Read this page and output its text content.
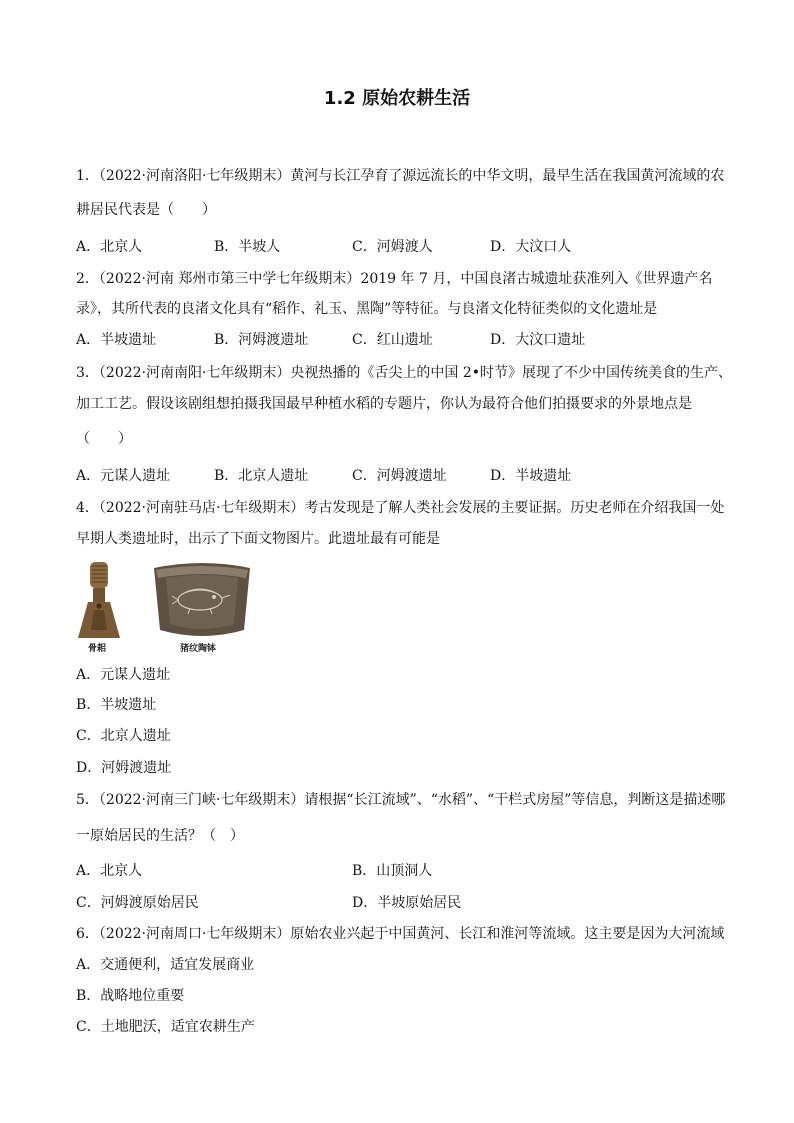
1.2 原始农耕生活
1．（2022·河南洛阳·七年级期末）黄河与长江孕育了源远流长的中华文明，最早生活在我国黄河流域的农
耕居民代表是（　　）
A．北京人	B．半坡人	C．河姆渡人	D．大汶口人
2．（2022·河南 郑州市第三中学七年级期末）2019 年 7 月，中国良渚古城遗址获准列入《世界遗产名
录》，其所代表的良渚文化具有“稻作、礼玉、黑陶”等特征。与良渚文化特征类似的文化遗址是
A．半坡遗址	B．河姆渡遗址	C．红山遗址	D．大汶口遗址
3．（2022·河南南阳·七年级期末）央视热播的《舌尖上的中国 2•时节》展现了不少中国传统美食的生产、
加工工艺。假设该剧组想拍摄我国最早种植水稻的专题片，你认为最符合他们拍摄要求的外景地点是
（　　）
A．元谋人遗址	B．北京人遗址	C．河姆渡遗址	D．半坡遗址
4．（2022·河南驻马店·七年级期末）考古发现是了解人类社会发展的主要证据。历史老师在介绍我国一处
早期人类遗址时，出示了下面文物图片。此遗址最有可能是
骨耜	猪纹陶钵
A．元谋人遗址
B．半坡遗址
C．北京人遗址
D．河姆渡遗址
5．（2022·河南三门峡·七年级期末）请根据“长江流域”、“水稻”、“干栏式房屋”等信息，判断这是描述哪
一原始居民的生活？（　）
A．北京人	B．山顶洞人
C．河姆渡原始居民	D．半坡原始居民
6．（2022·河南周口·七年级期末）原始农业兴起于中国黄河、长江和淮河等流域。这主要是因为大河流域
A．交通便利，适宜发展商业
B．战略地位重要
C．土地肥沃，适宜农耕生产
